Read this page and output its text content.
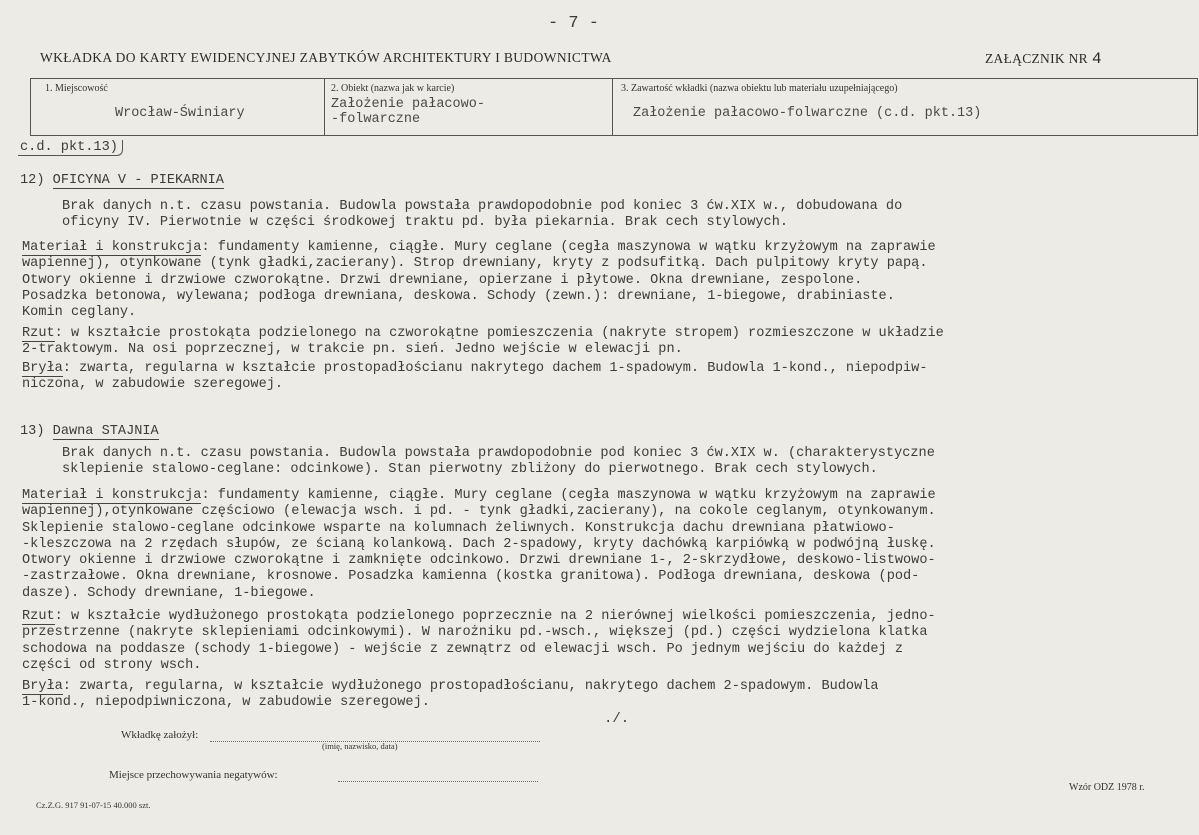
- 7 -
WKŁADKA DO KARTY EWIDENCYJNEJ ZABYTKÓW ARCHITEKTURY I BUDOWNICTWA	ZAŁĄCZNIK NR 4
1. Miejscowość
Wrocław-Świniary
2. Obiekt (nazwa jak w karcie)
Założenie pałacowo-
-folwarczne
3. Zawartość wkładki (nazwa obiektu lub materiału uzupełniającego)
Założenie pałacowo-folwarczne (c.d. pkt.13)
c.d. pkt.13)
12) OFICYNA V - PIEKARNIA
Brak danych n.t. czasu powstania. Budowla powstała prawdopodobnie pod koniec 3 ćw.XIX w., dobudowana do
oficyny IV. Pierwotnie w części środkowej traktu pd. była piekarnia. Brak cech stylowych.
Materiał i konstrukcja: fundamenty kamienne, ciągłe. Mury ceglane (cegła maszynowa w wątku krzyżowym na zaprawie
wapiennej), otynkowane (tynk gładki,zacierany). Strop drewniany, kryty z podsufitką. Dach pulpitowy kryty papą.
Otwory okienne i drzwiowe czworokątne. Drzwi drewniane, opierzane i płytowe. Okna drewniane, zespolone.
Posadzka betonowa, wylewana; podłoga drewniana, deskowa. Schody (zewn.): drewniane, 1-biegowe, drabiniaste.
Komin ceglany.
Rzut: w kształcie prostokąta podzielonego na czworokątne pomieszczenia (nakryte stropem) rozmieszczone w układzie
2-traktowym. Na osi poprzecznej, w trakcie pn. sień. Jedno wejście w elewacji pn.
Bryła: zwarta, regularna w kształcie prostopadłościanu nakrytego dachem 1-spadowym. Budowla 1-kond., niepodpiw-
niczona, w zabudowie szeregowej.
13) Dawna STAJNIA
Brak danych n.t. czasu powstania. Budowla powstała prawdopodobnie pod koniec 3 ćw.XIX w. (charakterystyczne
sklepienie stalowo-ceglane: odcinkowe). Stan pierwotny zbliżony do pierwotnego. Brak cech stylowych.
Materiał i konstrukcja: fundamenty kamienne, ciągłe. Mury ceglane (cegła maszynowa w wątku krzyżowym na zaprawie
wapiennej),otynkowane częściowo (elewacja wsch. i pd. - tynk gładki,zacierany), na cokole ceglanym, otynkowanym.
Sklepienie stalowo-ceglane odcinkowe wsparte na kolumnach żeliwnych. Konstrukcja dachu drewniana płatwiowo-
-kleszczowa na 2 rzędach słupów, ze ścianą kolankową. Dach 2-spadowy, kryty dachówką karpiówką w podwójną łuskę.
Otwory okienne i drzwiowe czworokątne i zamknięte odcinkowo. Drzwi drewniane 1-, 2-skrzydłowe, deskowo-listwowo-
-zastrzałowe. Okna drewniane, krosnowe. Posadzka kamienna (kostka granitowa). Podłoga drewniana, deskowa (pod-
dasze). Schody drewniane, 1-biegowe.
Rzut: w kształcie wydłużonego prostokąta podzielonego poprzecznie na 2 nierównej wielkości pomieszczenia, jedno-
przestrzenne (nakryte sklepieniami odcinkowymi). W narożniku pd.-wsch., większej (pd.) części wydzielona klatka
schodowa na poddasze (schody 1-biegowe) - wejście z zewnątrz od elewacji wsch. Po jednym wejściu do każdej z
części od strony wsch.
Bryła: zwarta, regularna, w kształcie wydłużonego prostopadłościanu, nakrytego dachem 2-spadowym. Budowla
1-kond., niepodpiwniczona, w zabudowie szeregowej.
./.
Wkładkę założył:
(imię, nazwisko, data)
Miejsce przechowywania negatywów:
Cz.Z.G. 917 91-07-15 40.000 szt.
Wzór ODZ 1978 r.
